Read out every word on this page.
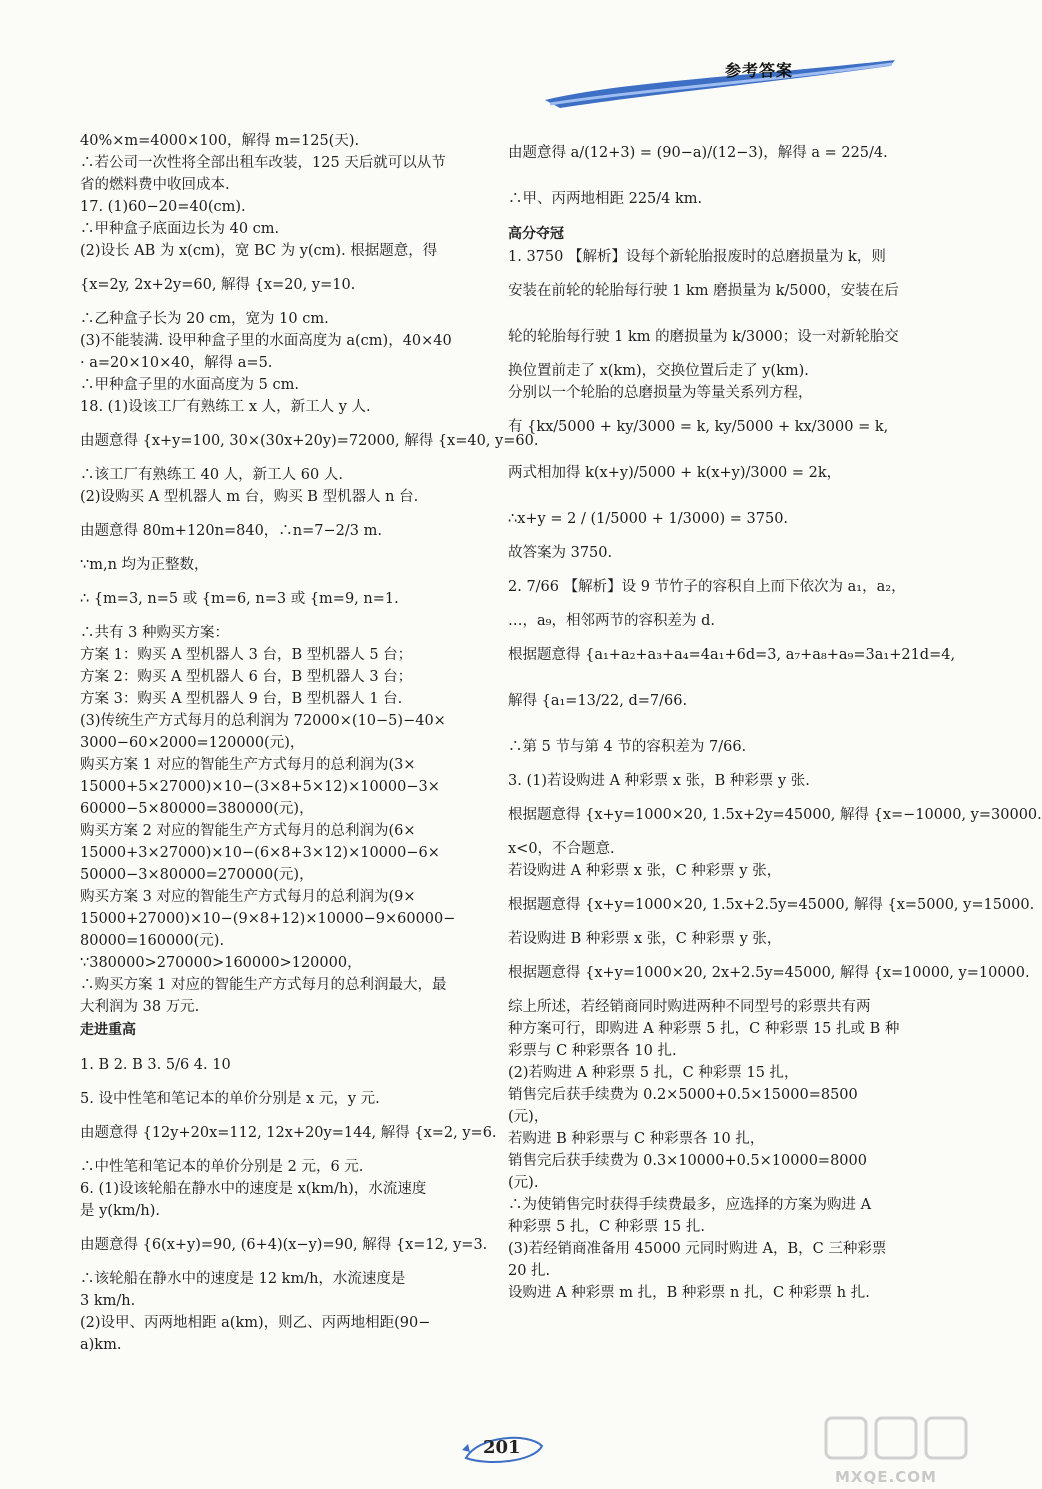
参考答案
40%×m=4000×100，解得 m=125(天).
∴若公司一次性将全部出租车改装，125 天后就可以从节
省的燃料费中收回成本.
17. (1)60−20=40(cm).
∴甲种盒子底面边长为 40 cm.
(2)设长 AB 为 x(cm)，宽 BC 为 y(cm). 根据题意，得
{x=2y, 2x+2y=60, 解得 {x=20, y=10.
∴乙种盒子长为 20 cm，宽为 10 cm.
(3)不能装满. 设甲种盒子里的水面高度为 a(cm)，40×40
· a=20×10×40，解得 a=5.
∴甲种盒子里的水面高度为 5 cm.
18. (1)设该工厂有熟练工 x 人，新工人 y 人.
由题意得 {x+y=100, 30×(30x+20y)=72000, 解得 {x=40, y=60.
∴该工厂有熟练工 40 人，新工人 60 人.
(2)设购买 A 型机器人 m 台，购买 B 型机器人 n 台.
由题意得 80m+120n=840，∴n=7−2/3 m.
∵m,n 均为正整数，
∴ {m=3, n=5 或 {m=6, n=3 或 {m=9, n=1.
∴共有 3 种购买方案：
方案 1：购买 A 型机器人 3 台，B 型机器人 5 台；
方案 2：购买 A 型机器人 6 台，B 型机器人 3 台；
方案 3：购买 A 型机器人 9 台，B 型机器人 1 台.
(3)传统生产方式每月的总利润为 72000×(10−5)−40×
3000−60×2000=120000(元)，
购买方案 1 对应的智能生产方式每月的总利润为(3×
15000+5×27000)×10−(3×8+5×12)×10000−3×
60000−5×80000=380000(元)，
购买方案 2 对应的智能生产方式每月的总利润为(6×
15000+3×27000)×10−(6×8+3×12)×10000−6×
50000−3×80000=270000(元)，
购买方案 3 对应的智能生产方式每月的总利润为(9×
15000+27000)×10−(9×8+12)×10000−9×60000−
80000=160000(元).
∵380000>270000>160000>120000，
∴购买方案 1 对应的智能生产方式每月的总利润最大，最
大利润为 38 万元.
走进重高
1. B 2. B 3. 5/6 4. 10
5. 设中性笔和笔记本的单价分别是 x 元，y 元.
由题意得 {12y+20x=112, 12x+20y=144, 解得 {x=2, y=6.
∴中性笔和笔记本的单价分别是 2 元，6 元.
6. (1)设该轮船在静水中的速度是 x(km/h)，水流速度
是 y(km/h).
由题意得 {6(x+y)=90, (6+4)(x−y)=90, 解得 {x=12, y=3.
∴该轮船在静水中的速度是 12 km/h，水流速度是
3 km/h.
(2)设甲、丙两地相距 a(km)，则乙、丙两地相距(90−
a)km.
由题意得 a/(12+3) = (90−a)/(12−3)，解得 a = 225/4.
∴甲、丙两地相距 225/4 km.
高分夺冠
1. 3750 【解析】设每个新轮胎报废时的总磨损量为 k，则
安装在前轮的轮胎每行驶 1 km 磨损量为 k/5000，安装在后
轮的轮胎每行驶 1 km 的磨损量为 k/3000；设一对新轮胎交
换位置前走了 x(km)，交换位置后走了 y(km).
分别以一个轮胎的总磨损量为等量关系列方程，
有 {kx/5000 + ky/3000 = k, ky/5000 + kx/3000 = k,
两式相加得 k(x+y)/5000 + k(x+y)/3000 = 2k，
∴x+y = 2 / (1/5000 + 1/3000) = 3750.
故答案为 3750.
2. 7/66 【解析】设 9 节竹子的容积自上而下依次为 a₁，a₂，
…，a₉，相邻两节的容积差为 d.
根据题意得 {a₁+a₂+a₃+a₄=4a₁+6d=3, a₇+a₈+a₉=3a₁+21d=4,
解得 {a₁=13/22, d=7/66.
∴第 5 节与第 4 节的容积差为 7/66.
3. (1)若设购进 A 种彩票 x 张，B 种彩票 y 张.
根据题意得 {x+y=1000×20, 1.5x+2y=45000, 解得 {x=−10000, y=30000.
x<0，不合题意.
若设购进 A 种彩票 x 张，C 种彩票 y 张，
根据题意得 {x+y=1000×20, 1.5x+2.5y=45000, 解得 {x=5000, y=15000.
若设购进 B 种彩票 x 张，C 种彩票 y 张，
根据题意得 {x+y=1000×20, 2x+2.5y=45000, 解得 {x=10000, y=10000.
综上所述，若经销商同时购进两种不同型号的彩票共有两
种方案可行，即购进 A 种彩票 5 扎，C 种彩票 15 扎或 B 种
彩票与 C 种彩票各 10 扎.
(2)若购进 A 种彩票 5 扎，C 种彩票 15 扎，
销售完后获手续费为 0.2×5000+0.5×15000=8500
(元)，
若购进 B 种彩票与 C 种彩票各 10 扎，
销售完后获手续费为 0.3×10000+0.5×10000=8000
(元).
∴为使销售完时获得手续费最多，应选择的方案为购进 A
种彩票 5 扎，C 种彩票 15 扎.
(3)若经销商准备用 45000 元同时购进 A，B，C 三种彩票
20 扎.
设购进 A 种彩票 m 扎，B 种彩票 n 扎，C 种彩票 h 扎.
201
MXQE.COM
